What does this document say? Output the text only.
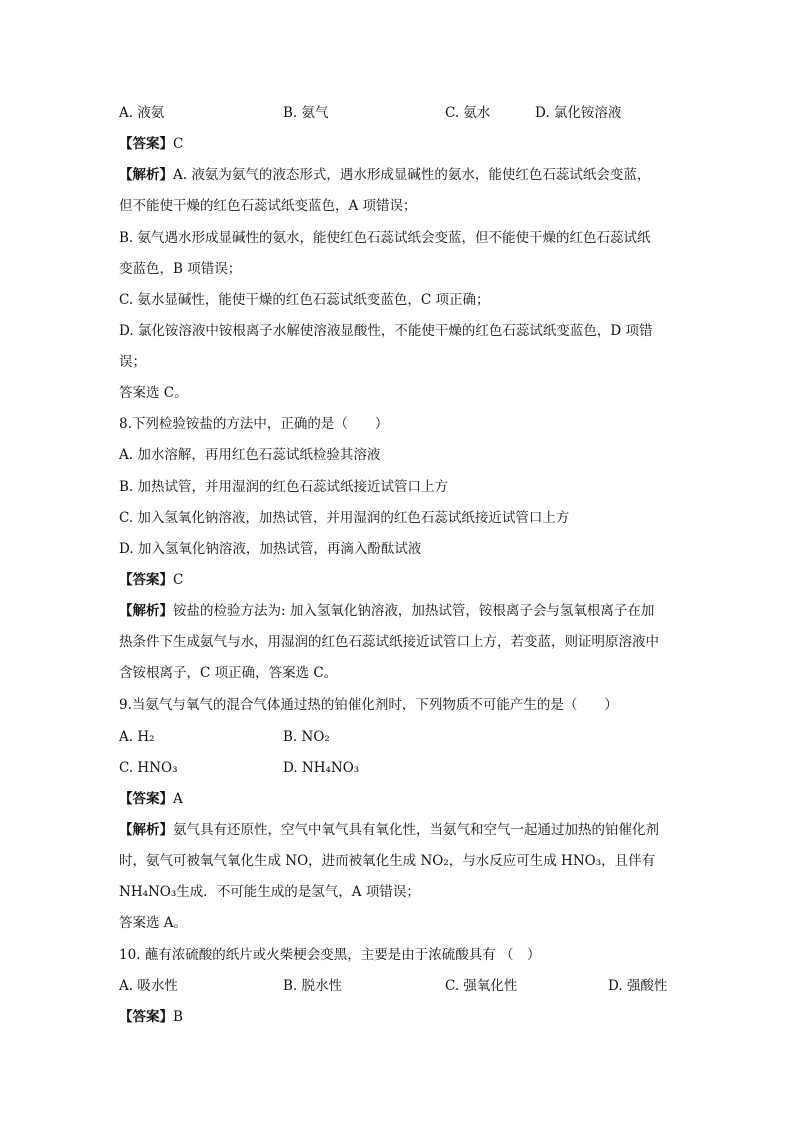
A. 液氨	B. 氨气	C. 氨水	D. 氯化铵溶液
【答案】C
【解析】A. 液氨为氨气的液态形式，遇水形成显碱性的氨水，能使红色石蕊试纸会变蓝，
但不能使干燥的红色石蕊试纸变蓝色，A 项错误；
B. 氨气遇水形成显碱性的氨水，能使红色石蕊试纸会变蓝，但不能使干燥的红色石蕊试纸
变蓝色，B 项错误；
C. 氨水显碱性，能使干燥的红色石蕊试纸变蓝色，C 项正确；
D. 氯化铵溶液中铵根离子水解使溶液显酸性，不能使干燥的红色石蕊试纸变蓝色，D 项错
误；
答案选 C。
8.下列检验铵盐的方法中，正确的是（　　）
A. 加水溶解，再用红色石蕊试纸检验其溶液
B. 加热试管，并用湿润的红色石蕊试纸接近试管口上方
C. 加入氢氧化钠溶液，加热试管，并用湿润的红色石蕊试纸接近试管口上方
D. 加入氢氧化钠溶液，加热试管，再滴入酚酞试液
【答案】C
【解析】铵盐的检验方法为: 加入氢氧化钠溶液，加热试管，铵根离子会与氢氧根离子在加
热条件下生成氨气与水，用湿润的红色石蕊试纸接近试管口上方，若变蓝，则证明原溶液中
含铵根离子，C 项正确，答案选 C。
9.当氨气与氧气的混合气体通过热的铂催化剂时，下列物质不可能产生的是（　　）
A. H₂	B. NO₂
C. HNO₃	D. NH₄NO₃
【答案】A
【解析】氨气具有还原性，空气中氧气具有氧化性，当氨气和空气一起通过加热的铂催化剂
时，氨气可被氧气氧化生成 NO，进而被氧化生成 NO₂，与水反应可生成 HNO₃，且伴有
NH₄NO₃生成．不可能生成的是氢气，A 项错误；
答案选 A。
10. 蘸有浓硫酸的纸片或火柴梗会变黑，主要是由于浓硫酸具有 （　）
A. 吸水性	B. 脱水性	C. 强氧化性	D. 强酸性
【答案】B
